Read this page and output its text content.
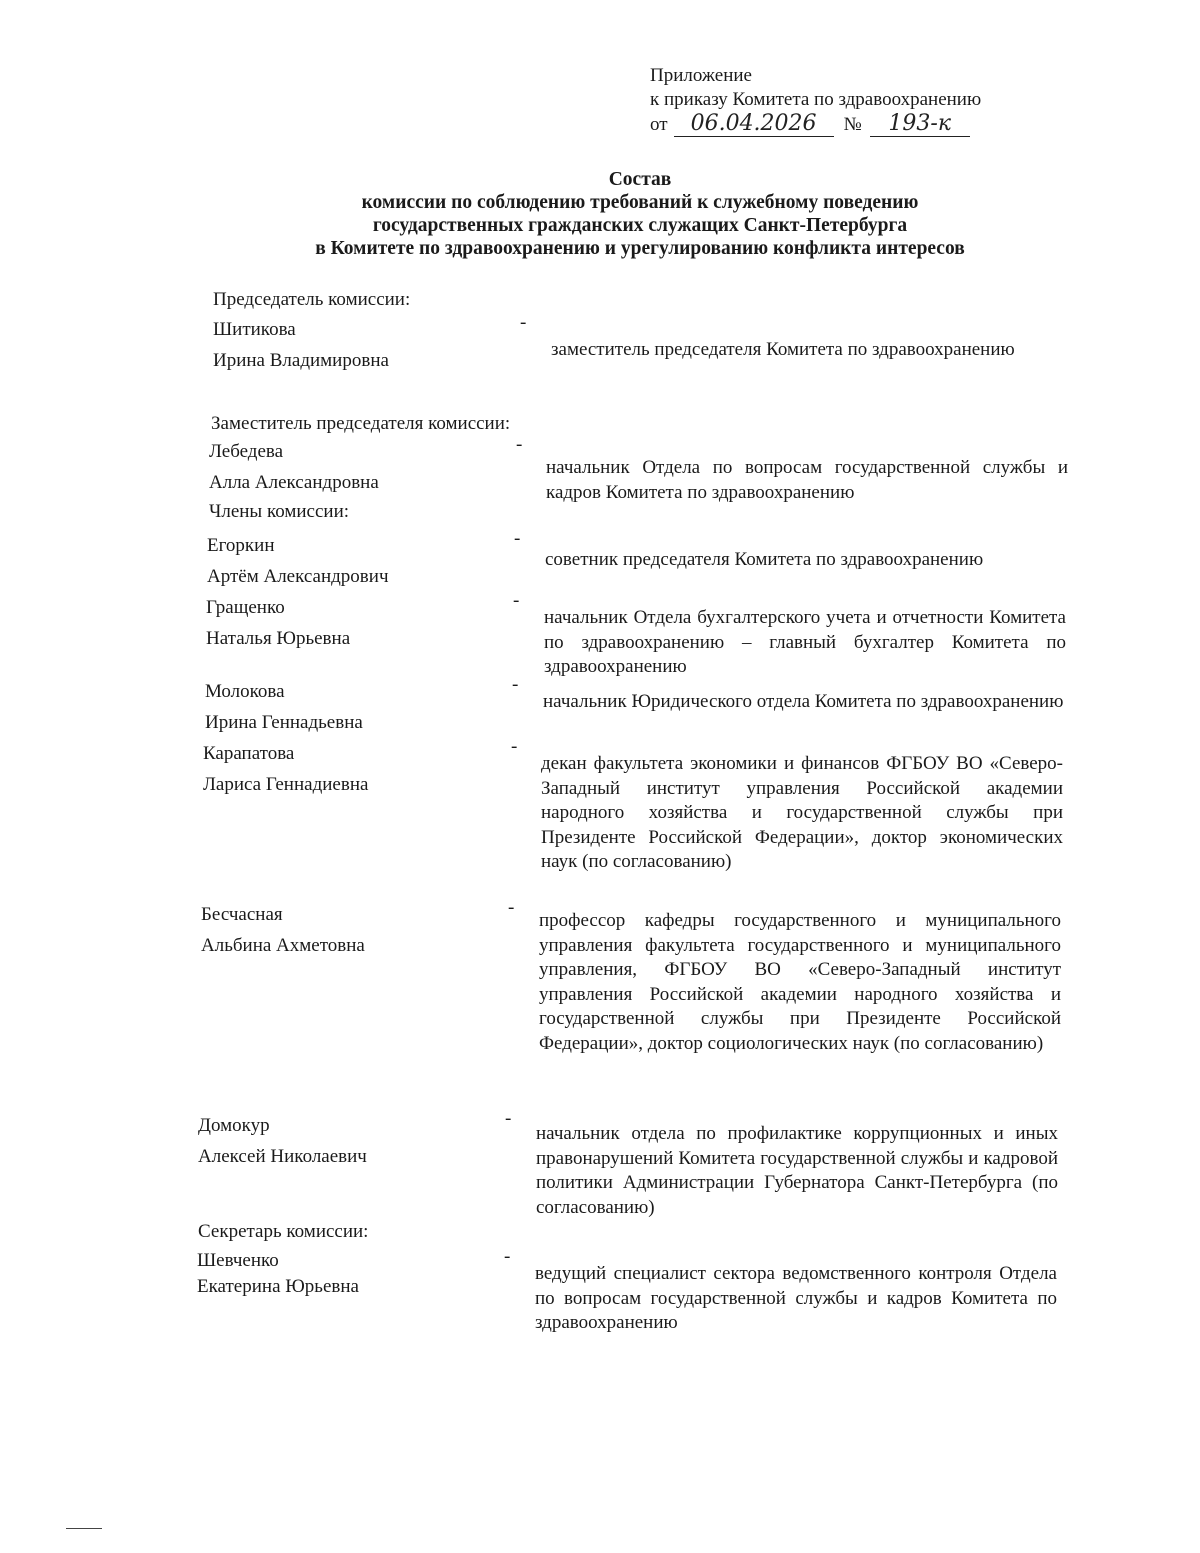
Приложение
к приказу Комитета по здравоохранению
от 06.04.2026 № 193-к
Состав
комиссии по соблюдению требований к служебному поведению
государственных гражданских служащих Санкт-Петербурга
в Комитете по здравоохранению и урегулированию конфликта интересов
Председатель комиссии:
Шитикова
Ирина Владимировна
-
заместитель председателя Комитета по здравоохранению
Заместитель председателя комиссии:
Лебедева
Алла Александровна
-
начальник Отдела по вопросам государственной службы и кадров Комитета по здравоохранению
Члены комиссии:
Егоркин
Артём Александрович
-
советник председателя Комитета по здравоохранению
Гращенко
Наталья Юрьевна
-
начальник Отдела бухгалтерского учета и отчетности Комитета по здравоохранению – главный бухгалтер Комитета по здравоохранению
Молокова
Ирина Геннадьевна
-
начальник Юридического отдела Комитета по здравоохранению
Карапатова
Лариса Геннадиевна
-
декан факультета экономики и финансов ФГБОУ ВО «Северо-Западный институт управления Российской академии народного хозяйства и государственной службы при Президенте Российской Федерации», доктор экономических наук (по согласованию)
Бесчасная
Альбина Ахметовна
-
профессор кафедры государственного и муниципального управления факультета государственного и муниципального управления, ФГБОУ ВО «Северо-Западный институт управления Российской академии народного хозяйства и государственной службы при Президенте Российской Федерации», доктор социологических наук (по согласованию)
Домокур
Алексей Николаевич
-
начальник отдела по профилактике коррупционных и иных правонарушений Комитета государственной службы и кадровой политики Администрации Губернатора Санкт-Петербурга (по согласованию)
Секретарь комиссии:
Шевченко
Екатерина Юрьевна
-
ведущий специалист сектора ведомственного контроля Отдела по вопросам государственной службы и кадров Комитета по здравоохранению
